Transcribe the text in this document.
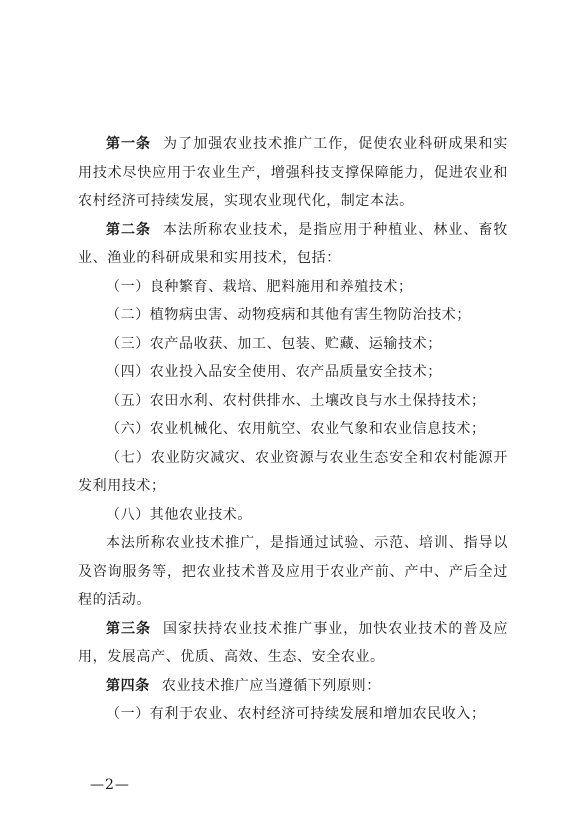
第一条 为了加强农业技术推广工作，促使农业科研成果和实用技术尽快应用于农业生产，增强科技支撑保障能力，促进农业和农村经济可持续发展，实现农业现代化，制定本法。

第二条 本法所称农业技术，是指应用于种植业、林业、畜牧业、渔业的科研成果和实用技术，包括：

（一）良种繁育、栽培、肥料施用和养殖技术；

（二）植物病虫害、动物疫病和其他有害生物防治技术；

（三）农产品收获、加工、包装、贮藏、运输技术；

（四）农业投入品安全使用、农产品质量安全技术；

（五）农田水利、农村供排水、土壤改良与水土保持技术；

（六）农业机械化、农用航空、农业气象和农业信息技术；

（七）农业防灾减灾、农业资源与农业生态安全和农村能源开发利用技术；

（八）其他农业技术。

本法所称农业技术推广，是指通过试验、示范、培训、指导以及咨询服务等，把农业技术普及应用于农业产前、产中、产后全过程的活动。

第三条 国家扶持农业技术推广事业，加快农业技术的普及应用，发展高产、优质、高效、生态、安全农业。

第四条 农业技术推广应当遵循下列原则：

（一）有利于农业、农村经济可持续发展和增加农民收入；

—2—
